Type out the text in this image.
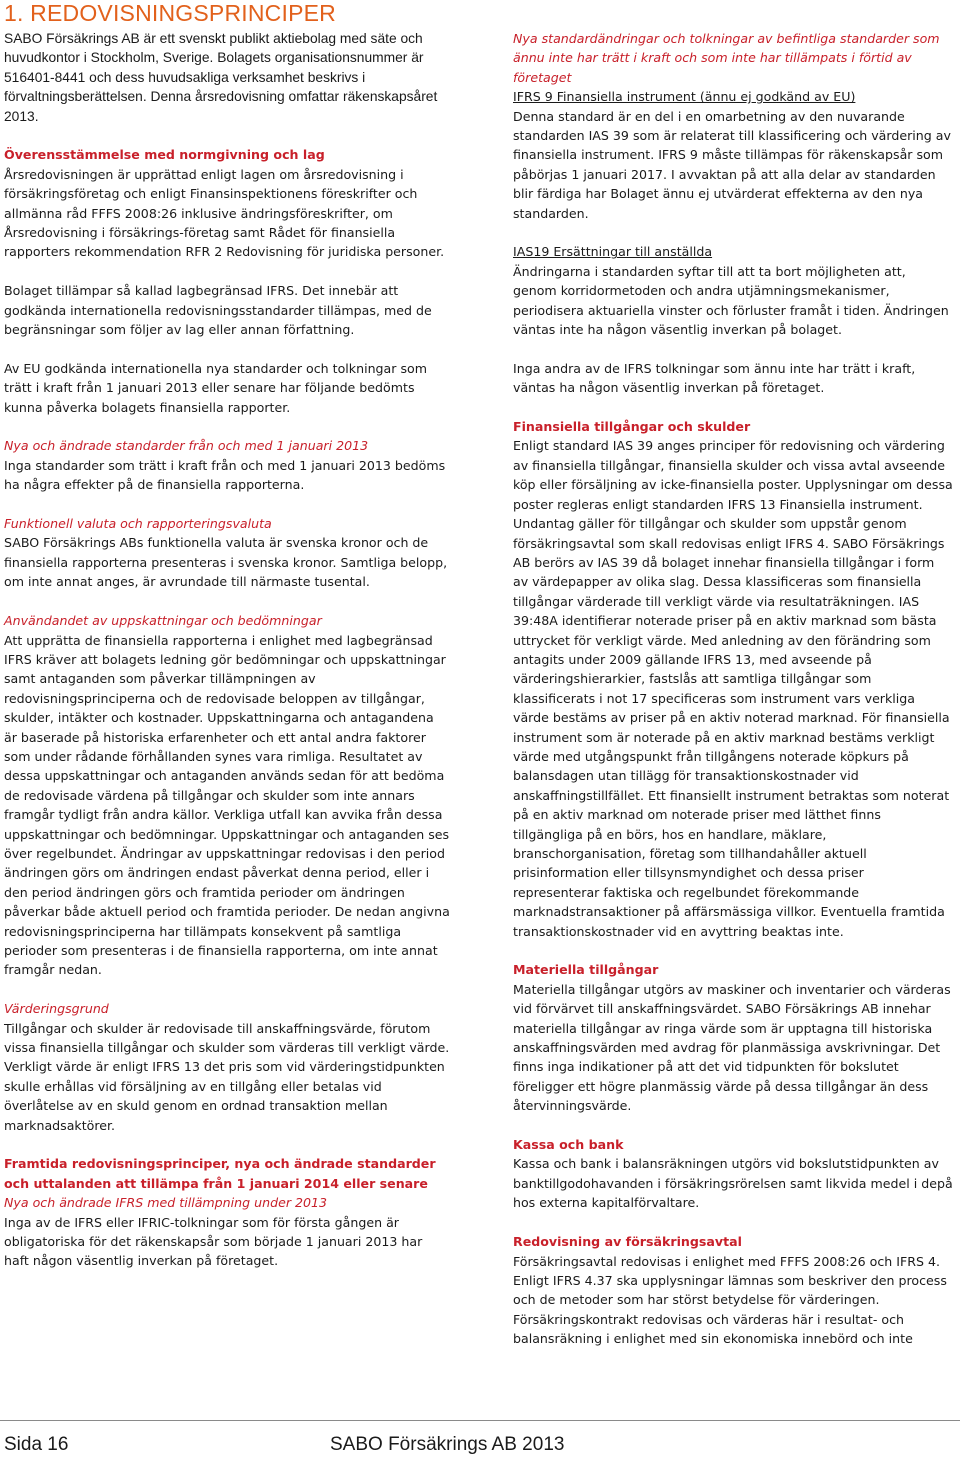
1. REDOVISNINGSPRINCIPER

SABO Försäkrings AB är ett svenskt publikt aktiebolag med säte och huvudkontor i Stockholm, Sverige. Bolagets organisationsnummer är 516401-8441 och dess huvudsakliga verksamhet beskrivs i förvaltningsberättelsen. Denna årsredovisning omfattar räkenskapsåret 2013.

Överensstämmelse med normgivning och lag
Årsredovisningen är upprättad enligt lagen om årsredovisning i försäkringsföretag och enligt Finansinspektionens föreskrifter och allmänna råd FFFS 2008:26 inklusive ändringsföreskrifter, om Årsredovisning i försäkrings-företag samt Rådet för finansiella rapporters rekommendation RFR 2 Redovisning för juridiska personer.

Bolaget tillämpar så kallad lagbegränsad IFRS. Det innebär att godkända internationella redovisningsstandarder tillämpas, med de begränsningar som följer av lag eller annan författning.

Av EU godkända internationella nya standarder och tolkningar som trätt i kraft från 1 januari 2013 eller senare har följande bedömts kunna påverka bolagets finansiella rapporter.

Nya och ändrade standarder från och med 1 januari 2013
Inga standarder som trätt i kraft från och med 1 januari 2013 bedöms ha några effekter på de finansiella rapporterna.

Funktionell valuta och rapporteringsvaluta
SABO Försäkrings ABs funktionella valuta är svenska kronor och de finansiella rapporterna presenteras i svenska kronor. Samtliga belopp, om inte annat anges, är avrundade till närmaste tusental.

Användandet av uppskattningar och bedömningar
Att upprätta de finansiella rapporterna i enlighet med lagbegränsad IFRS kräver att bolagets ledning gör bedömningar och uppskattningar samt antaganden som påverkar tillämpningen av redovisningsprinciperna och de redovisade beloppen av tillgångar, skulder, intäkter och kostnader. Uppskattningarna och antagandena är baserade på historiska erfarenheter och ett antal andra faktorer som under rådande förhållanden synes vara rimliga. Resultatet av dessa uppskattningar och antaganden används sedan för att bedöma de redovisade värdena på tillgångar och skulder som inte annars framgår tydligt från andra källor. Verkliga utfall kan avvika från dessa uppskattningar och bedömningar. Uppskattningar och antaganden ses över regelbundet. Ändringar av uppskattningar redovisas i den period ändringen görs om ändringen endast påverkat denna period, eller i den period ändringen görs och framtida perioder om ändringen påverkar både aktuell period och framtida perioder. De nedan angivna redovisningsprinciperna har tillämpats konsekvent på samtliga perioder som presenteras i de finansiella rapporterna, om inte annat framgår nedan.

Värderingsgrund
Tillgångar och skulder är redovisade till anskaffningsvärde, förutom vissa finansiella tillgångar och skulder som värderas till verkligt värde. Verkligt värde är enligt IFRS 13 det pris som vid värderingstidpunkten skulle erhållas vid försäljning av en tillgång eller betalas vid överlåtelse av en skuld genom en ordnad transaktion mellan marknadsaktörer.

Framtida redovisningsprinciper, nya och ändrade standarder och uttalanden att tillämpa från 1 januari 2014 eller senare
Nya och ändrade IFRS med tillämpning under 2013
Inga av de IFRS eller IFRIC-tolkningar som för första gången är obligatoriska för det räkenskapsår som började 1 januari 2013 har haft någon väsentlig inverkan på företaget.

Nya standardändringar och tolkningar av befintliga standarder som ännu inte har trätt i kraft och som inte har tillämpats i förtid av företaget
IFRS 9 Finansiella instrument (ännu ej godkänd av EU)
Denna standard är en del i en omarbetning av den nuvarande standarden IAS 39 som är relaterat till klassificering och värdering av finansiella instrument. IFRS 9 måste tillämpas för räkenskapsår som påbörjas 1 januari 2017. I avvaktan på att alla delar av standarden blir färdiga har Bolaget ännu ej utvärderat effekterna av den nya standarden.

IAS19 Ersättningar till anställda
Ändringarna i standarden syftar till att ta bort möjligheten att, genom korridormetoden och andra utjämningsmekanismer, periodisera aktuariella vinster och förluster framåt i tiden. Ändringen väntas inte ha någon väsentlig inverkan på bolaget.

Inga andra av de IFRS tolkningar som ännu inte har trätt i kraft, väntas ha någon väsentlig inverkan på företaget.

Finansiella tillgångar och skulder
Enligt standard IAS 39 anges principer för redovisning och värdering av finansiella tillgångar, finansiella skulder och vissa avtal avseende köp eller försäljning av icke-finansiella poster. Upplysningar om dessa poster regleras enligt standarden IFRS 13 Finansiella instrument. Undantag gäller för tillgångar och skulder som uppstår genom försäkringsavtal som skall redovisas enligt IFRS 4. SABO Försäkrings AB berörs av IAS 39 då bolaget innehar finansiella tillgångar i form av värdepapper av olika slag. Dessa klassificeras som finansiella tillgångar värderade till verkligt värde via resultaträkningen. IAS 39:48A identifierar noterade priser på en aktiv marknad som bästa uttrycket för verkligt värde. Med anledning av den förändring som antagits under 2009 gällande IFRS 13, med avseende på värderingshierarkier, fastslås att samtliga tillgångar som klassificerats i not 17 specificeras som instrument vars verkliga värde bestäms av priser på en aktiv noterad marknad. För finansiella instrument som är noterade på en aktiv marknad bestäms verkligt värde med utgångspunkt från tillgångens noterade köpkurs på balansdagen utan tillägg för transaktionskostnader vid anskaffningstillfället. Ett finansiellt instrument betraktas som noterat på en aktiv marknad om noterade priser med lätthet finns tillgängliga på en börs, hos en handlare, mäklare, branschorganisation, företag som tillhandahåller aktuell prisinformation eller tillsynsmyndighet och dessa priser representerar faktiska och regelbundet förekommande marknadstransaktioner på affärsmässiga villkor. Eventuella framtida transaktionskostnader vid en avyttring beaktas inte.

Materiella tillgångar
Materiella tillgångar utgörs av maskiner och inventarier och värderas vid förvärvet till anskaffningsvärdet. SABO Försäkrings AB innehar materiella tillgångar av ringa värde som är upptagna till historiska anskaffningsvärden med avdrag för planmässiga avskrivningar. Det finns inga indikationer på att det vid tidpunkten för bokslutet föreligger ett högre planmässig värde på dessa tillgångar än dess återvinningsvärde.

Kassa och bank
Kassa och bank i balansräkningen utgörs vid bokslutstidpunkten av banktillgodohavanden i försäkringsrörelsen samt likvida medel i depå hos externa kapitalförvaltare.

Redovisning av försäkringsavtal
Försäkringsavtal redovisas i enlighet med FFFS 2008:26 och IFRS 4. Enligt IFRS 4.37 ska upplysningar lämnas som beskriver den process och de metoder som har störst betydelse för värderingen. Försäkringskontrakt redovisas och värderas här i resultat- och balansräkning i enlighet med sin ekonomiska innebörd och inte

Sida 16	SABO Försäkrings AB 2013
